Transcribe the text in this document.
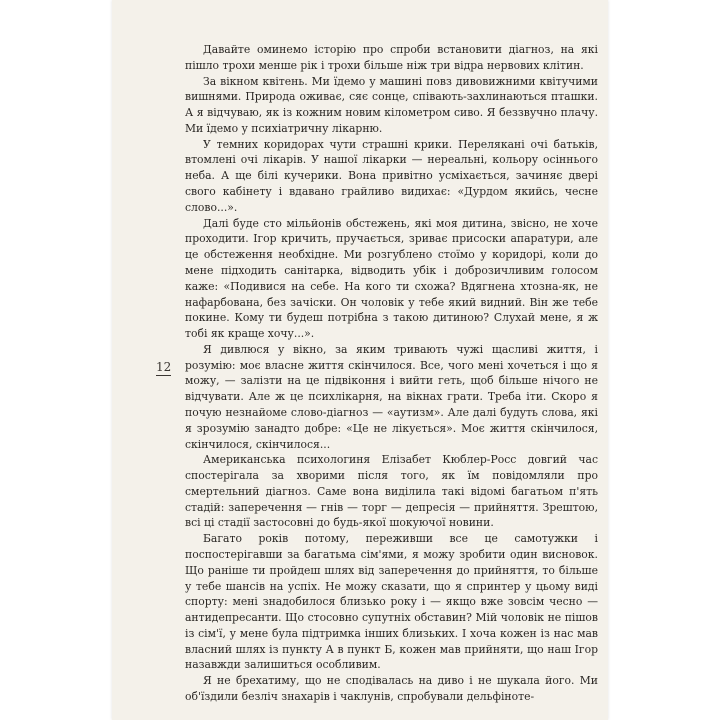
12

Давайте оминемо історію про спроби встановити діагноз, на які пішло трохи менше рік і трохи більше ніж три відра нервових клітин.

За вікном квітень. Ми їдемо у машині повз дивовижними квітучими вишнями. Природа оживає, сяє сонце, співають-захлинаються пташки. А я відчуваю, як із кожним новим кілометром сиво. Я беззвучно плачу. Ми їдемо у психіатричну лікарню.

У темних коридорах чути страшні крики. Перелякані очі батьків, втомлені очі лікарів. У нашої лікарки — нереальні, кольору осіннього неба. А ще білі кучерики. Вона привітно усміхається, зачиняє двері свого кабінету і вдавано грайливо видихає: «Дурдом якийсь, чесне слово...».

Далі буде сто мільйонів обстежень, які моя дитина, звісно, не хоче проходити. Ігор кричить, пручається, зриває присоски апаратури, але це обстеження необхідне. Ми розгублено стоїмо у коридорі, коли до мене підходить санітарка, відводить убік і доброзичливим голосом каже: «Подивися на себе. На кого ти схожа? Вдягнена хтозна-як, не нафарбована, без зачіски. Он чоловік у тебе який видний. Він же тебе покине. Кому ти будеш потрібна з такою дитиною? Слухай мене, я ж тобі як краще хочу...».

Я дивлюся у вікно, за яким тривають чужі щасливі життя, і розумію: моє власне життя скінчилося. Все, чого мені хочеться і що я можу, — залізти на це підвіконня і вийти геть, щоб більше нічого не відчувати. Але ж це психлікарня, на вікнах грати. Треба іти. Скоро я почую незнайоме слово-діагноз — «аутизм». Але далі будуть слова, які я зрозумію занадто добре: «Це не лікується». Моє життя скінчилося, скінчилося, скінчилося...

Американська психологиня Елізабет Кюблер-Росс довгий час спостерігала за хворими після того, як їм повідомляли про смертельний діагноз. Саме вона виділила такі відомі багатьом п'ять стадій: заперечення — гнів — торг — депресія — прийняття. Зрештою, всі ці стадії застосовні до будь-якої шокуючої новини.

Багато років потому, переживши все це самотужки і поспостерігавши за багатьма сім'ями, я можу зробити один висновок. Що раніше ти пройдеш шлях від заперечення до прийняття, то більше у тебе шансів на успіх. Не можу сказати, що я спринтер у цьому виді спорту: мені знадобилося близько року і — якщо вже зовсім чесно — антидепресанти. Що стосовно супутніх обставин? Мій чоловік не пішов із сім'ї, у мене була підтримка інших близьких. І хоча кожен із нас мав власний шлях із пункту А в пункт Б, кожен мав прийняти, що наш Ігор назавжди залишиться особливим.

Я не брехатиму, що не сподівалась на диво і не шукала його. Ми об'їздили безліч знахарів і чаклунів, спробували дельфіноте-
